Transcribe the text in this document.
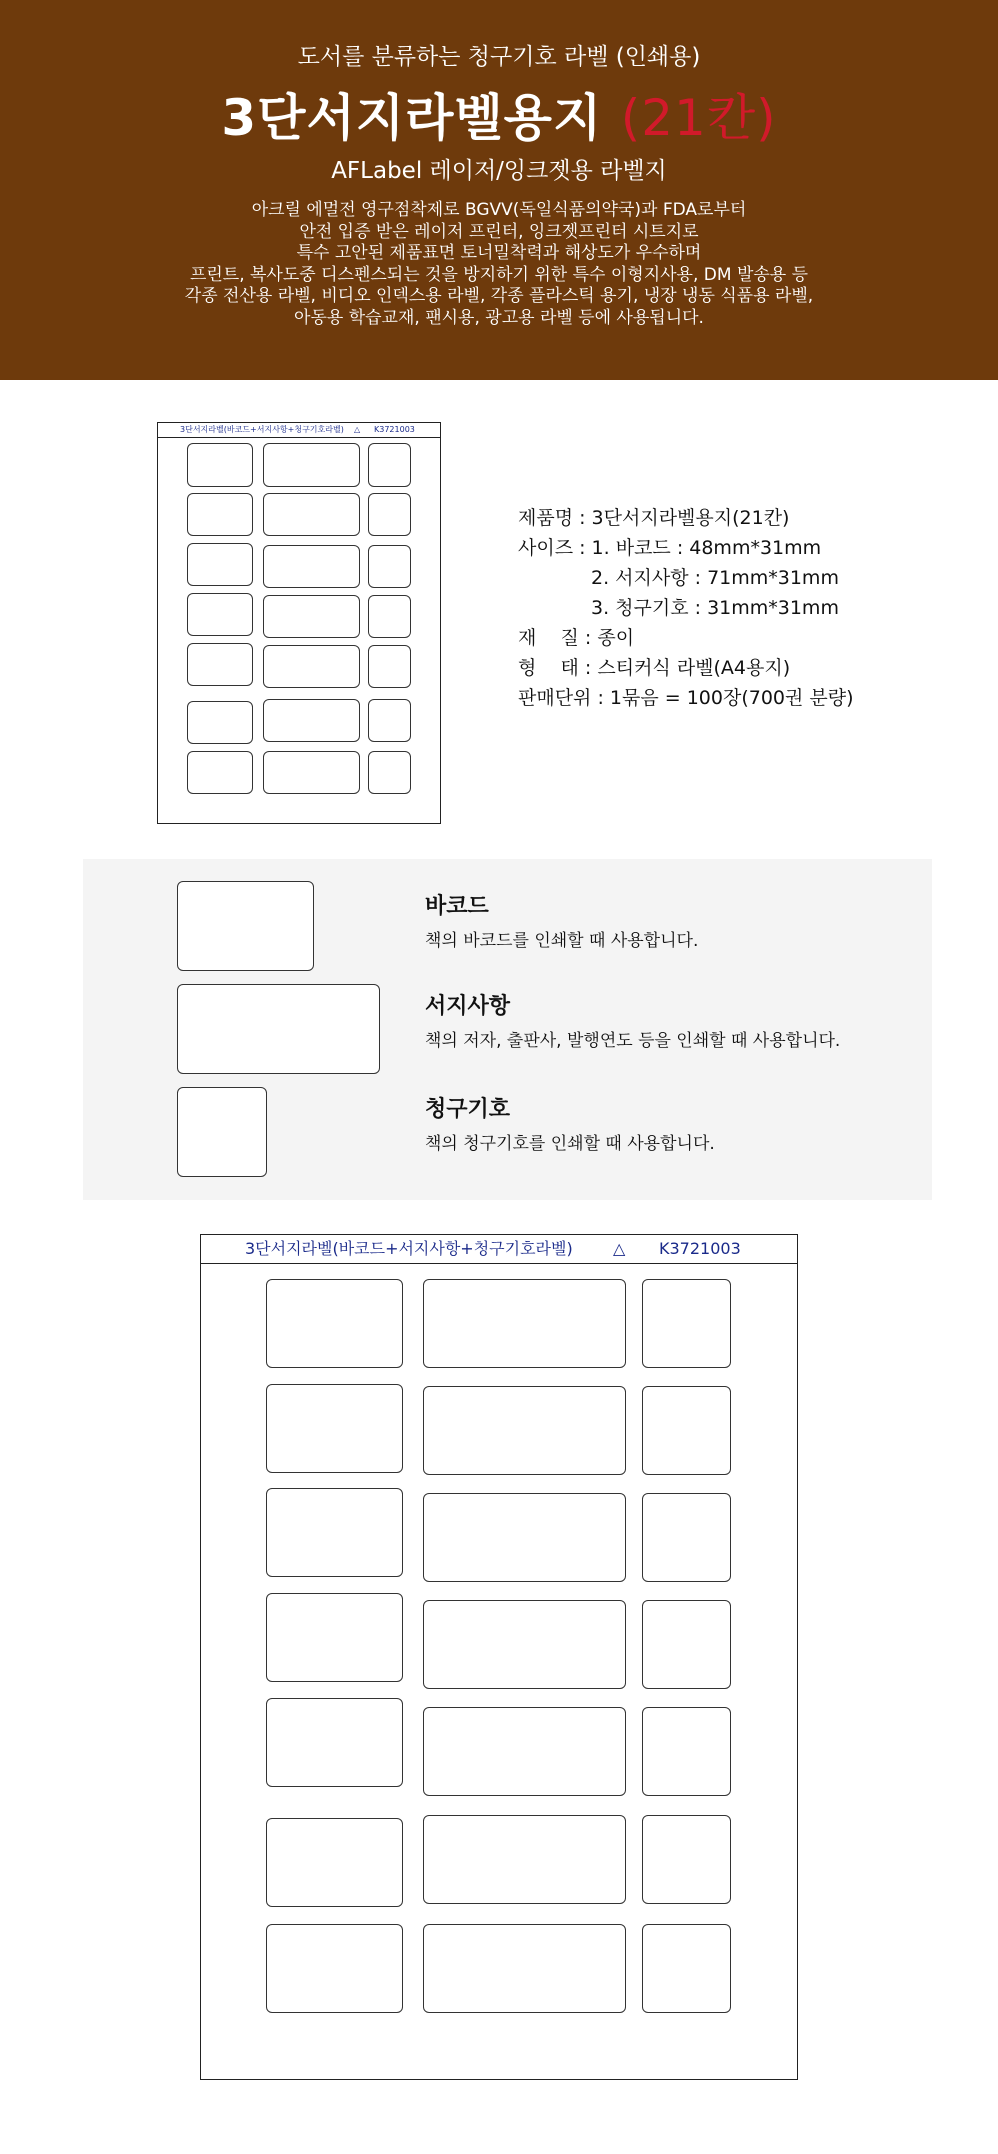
도서를 분류하는 청구기호 라벨 (인쇄용)
3단서지라벨용지 (21칸)
AFLabel 레이저/잉크젯용 라벨지
아크릴 에멀전 영구점착제로 BGVV(독일식품의약국)과 FDA로부터
안전 입증 받은 레이저 프린터, 잉크젯프린터 시트지로
특수 고안된 제품표면 토너밀착력과 해상도가 우수하며
프린트, 복사도중 디스펜스되는 것을 방지하기 위한 특수 이형지사용, DM 발송용 등
각종 전산용 라벨, 비디오 인덱스용 라벨, 각종 플라스틱 용기, 냉장 냉동 식품용 라벨,
아동용 학습교재, 팬시용, 광고용 라벨 등에 사용됩니다.
3단서지라벨(바코드+서지사항+청구기호라벨) △ K3721003
제품명 : 3단서지라벨용지(21칸)
사이즈 : 1. 바코드 : 48mm*31mm
2. 서지사항 : 71mm*31mm
3. 청구기호 : 31mm*31mm
재    질 : 종이
형    태 : 스티커식 라벨(A4용지)
판매단위 : 1묶음 = 100장(700권 분량)
바코드
책의 바코드를 인쇄할 때 사용합니다.
서지사항
책의 저자, 출판사, 발행연도 등을 인쇄할 때 사용합니다.
청구기호
책의 청구기호를 인쇄할 때 사용합니다.
3단서지라벨(바코드+서지사항+청구기호라벨)	△ K3721003
